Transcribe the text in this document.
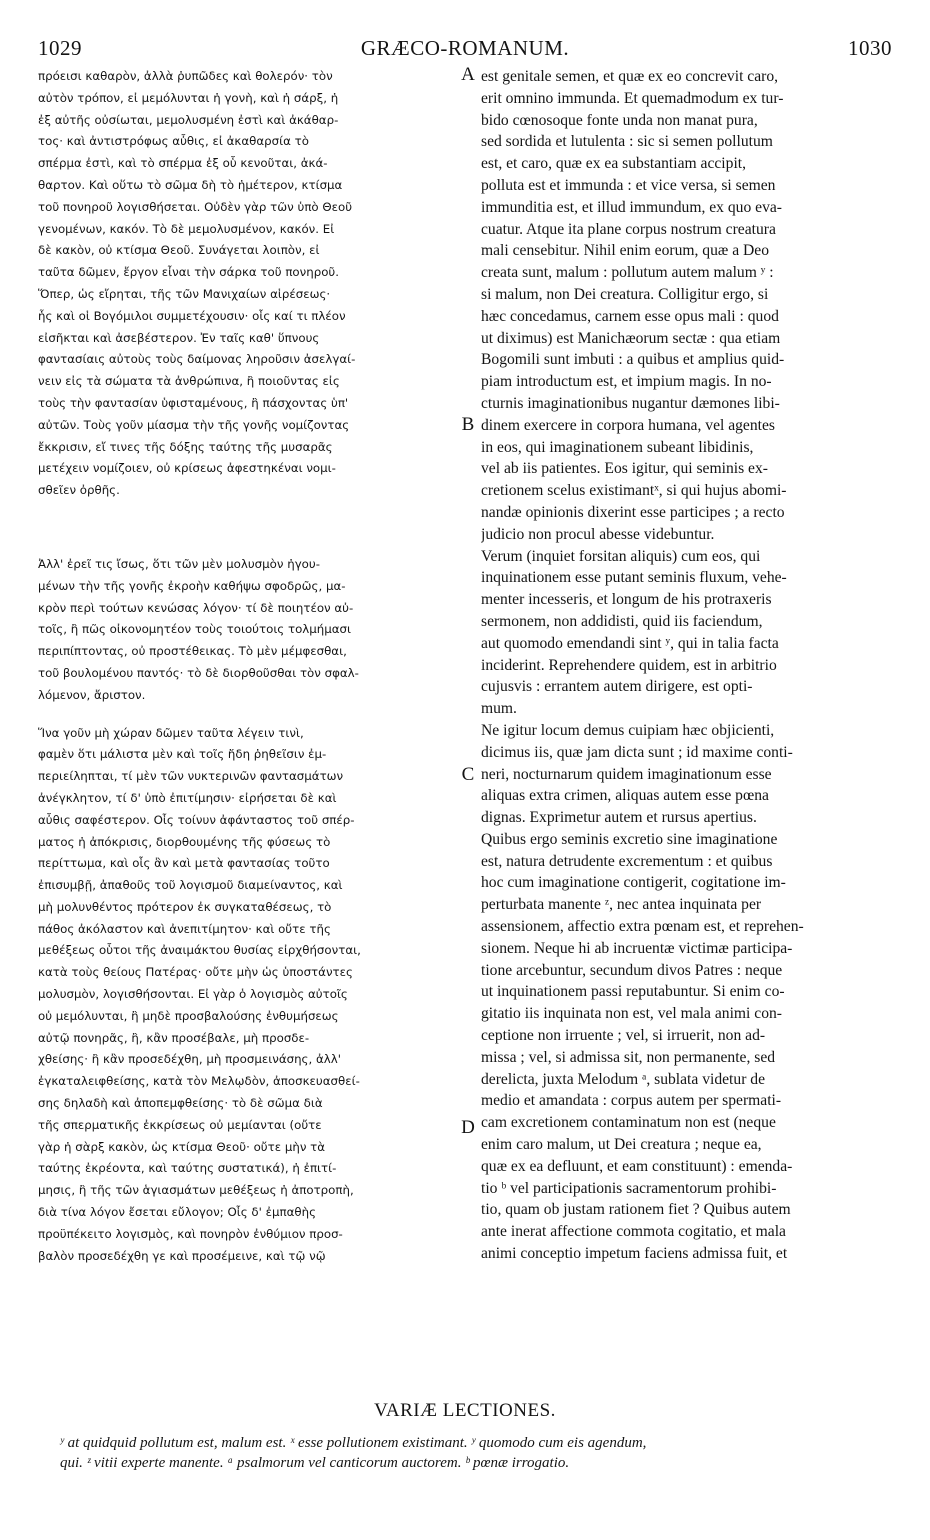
1029	GRÆCO-ROMANUM.	1030
πρόεισι καθαρὸν, ἀλλὰ ῥυπῶδες καὶ θολερόν· τὸν
αὐτὸν τρόπον, εἰ μεμόλυνται ἡ γονὴ, καὶ ἡ σάρξ, ἡ
ἐξ αὐτῆς οὐσίωται, μεμολυσμένη ἐστὶ καὶ ἀκάθαρ-
τος· καὶ ἀντιστρόφως αὖθις, εἰ ἀκαθαρσία τὸ
σπέρμα ἐστὶ, καὶ τὸ σπέρμα ἐξ οὗ κενοῦται, ἀκά-
θαρτον. Καὶ οὕτω τὸ σῶμα δὴ τὸ ἡμέτερον, κτίσμα
τοῦ πονηροῦ λογισθήσεται. Οὐδὲν γὰρ τῶν ὑπὸ Θεοῦ
γενομένων, κακόν. Τὸ δὲ μεμολυσμένον, κακόν. Εἰ
δὲ κακὸν, οὐ κτίσμα Θεοῦ. Συνάγεται λοιπὸν, εἰ
ταῦτα δῶμεν, ἔργον εἶναι τὴν σάρκα τοῦ πονηροῦ.
Ὅπερ, ὡς εἴρηται, τῆς τῶν Μανιχαίων αἱρέσεως·
ἧς καὶ οἱ Βογόμιλοι συμμετέχουσιν· οἷς καί τι πλέον
εἰσῆκται καὶ ἀσεβέστερον. Ἐν ταῖς καθ' ὕπνους
φαντασίαις αὐτοὺς τοὺς δαίμονας ληροῦσιν ἀσελγαί-
νειν εἰς τὰ σώματα τὰ ἀνθρώπινα, ἢ ποιοῦντας εἰς
τοὺς τὴν φαντασίαν ὑφισταμένους, ἢ πάσχοντας ὑπ'
αὐτῶν. Τοὺς γοῦν μίασμα τὴν τῆς γονῆς νομίζοντας
ἔκκρισιν, εἴ τινες τῆς δόξης ταύτης τῆς μυσαρᾶς
μετέχειν νομίζοιεν, οὐ κρίσεως ἀφεστηκέναι νομι-
σθεῖεν ὀρθῆς.
Ἀλλ' ἐρεῖ τις ἴσως, ὅτι τῶν μὲν μολυσμὸν ἡγου-
μένων τὴν τῆς γονῆς ἐκροὴν καθήψω σφοδρῶς, μα-
κρὸν περὶ τούτων κενώσας λόγον· τί δὲ ποιητέον αὐ-
τοῖς, ἢ πῶς οἰκονομητέον τοὺς τοιούτοις τολμήμασι
περιπίπτοντας, οὐ προστέθεικας. Τὸ μὲν μέμφεσθαι,
τοῦ βουλομένου παντός· τὸ δὲ διορθοῦσθαι τὸν σφαλ-
λόμενον, ἄριστον.
Ἵνα γοῦν μὴ χώραν δῶμεν ταῦτα λέγειν τινὶ,
φαμὲν ὅτι μάλιστα μὲν καὶ τοῖς ἤδη ῥηθεῖσιν ἐμ-
περιείληπται, τί μὲν τῶν νυκτερινῶν φαντασμάτων
ἀνέγκλητον, τί δ' ὑπὸ ἐπιτίμησιν· εἰρήσεται δὲ καὶ
αὖθις σαφέστερον. Οἷς τοίνυν ἀφάνταστος τοῦ σπέρ-
ματος ἡ ἀπόκρισις, διορθουμένης τῆς φύσεως τὸ
περίττωμα, καὶ οἷς ἂν καὶ μετὰ φαντασίας τοῦτο
ἐπισυμβῇ, ἀπαθοῦς τοῦ λογισμοῦ διαμείναντος, καὶ
μὴ μολυνθέντος πρότερον ἐκ συγκαταθέσεως, τὸ
πάθος ἀκόλαστον καὶ ἀνεπιτίμητον· καὶ οὔτε τῆς
μεθέξεως οὗτοι τῆς ἀναιμάκτου θυσίας εἰρχθήσονται,
κατὰ τοὺς θείους Πατέρας· οὔτε μὴν ὡς ὑποστάντες
μολυσμὸν, λογισθήσονται. Εἰ γὰρ ὁ λογισμὸς αὐτοῖς
οὐ μεμόλυνται, ἢ μηδὲ προσβαλούσης ἐνθυμήσεως
αὐτῷ πονηρᾶς, ἢ, κἂν προσέβαλε, μὴ προσδε-
χθείσης· ἢ κἂν προσεδέχθη, μὴ προσμεινάσης, ἀλλ'
ἐγκαταλειφθείσης, κατὰ τὸν Μελῳδὸν, ἀποσκευασθεί-
σης δηλαδὴ καὶ ἀποπεμφθείσης· τὸ δὲ σῶμα διὰ
τῆς σπερματικῆς ἐκκρίσεως οὐ μεμίανται (οὔτε
γὰρ ἡ σὰρξ κακὸν, ὡς κτίσμα Θεοῦ· οὔτε μὴν τὰ
ταύτης ἐκρέοντα, καὶ ταύτης συστατικά), ἡ ἐπιτί-
μησις, ἢ τῆς τῶν ἁγιασμάτων μεθέξεως ἡ ἀποτροπὴ,
διὰ τίνα λόγον ἔσεται εὔλογον; Οἷς δ' ἐμπαθὴς
προϋπέκειτο λογισμὸς, καὶ πονηρὸν ἐνθύμιον προσ-
βαλὸν προσεδέχθη γε καὶ προσέμεινε, καὶ τῷ νῷ
A
B
C
D
est genitale semen, et quæ ex eo concrevit caro,
erit omnino immunda. Et quemadmodum ex tur-
bido cœnosoque fonte unda non manat pura,
sed sordida et lutulenta : sic si semen pollutum
est, et caro, quæ ex ea substantiam accipit,
polluta est et immunda : et vice versa, si semen
immunditia est, et illud immundum, ex quo eva-
cuatur. Atque ita plane corpus nostrum creatura
mali censebitur. Nihil enim eorum, quæ a Deo
creata sunt, malum : pollutum autem malum ʸ :
si malum, non Dei creatura. Colligitur ergo, si
hæc concedamus, carnem esse opus mali : quod
ut diximus) est Manichæorum sectæ : qua etiam
Bogomili sunt imbuti : a quibus et amplius quid-
piam introductum est, et impium magis. In no-
cturnis imaginationibus nugantur dæmones libi-
dinem exercere in corpora humana, vel agentes
in eos, qui imaginationem subeant libidinis,
vel ab iis patientes. Eos igitur, qui seminis ex-
cretionem scelus existimantˣ, si qui hujus abomi-
nandæ opinionis dixerint esse participes ; a recto
judicio non procul abesse videbuntur.
Verum (inquiet forsitan aliquis) cum eos, qui
inquinationem esse putant seminis fluxum, vehe-
menter incesseris, et longum de his protraxeris
sermonem, non addidisti, quid iis faciendum,
aut quomodo emendandi sint ʸ, qui in talia facta
inciderint. Reprehendere quidem, est in arbitrio
cujusvis : errantem autem dirigere, est opti-
mum.
Ne igitur locum demus cuipiam hæc objicienti,
dicimus iis, quæ jam dicta sunt ; id maxime conti-
neri, nocturnarum quidem imaginationum esse
aliquas extra crimen, aliquas autem esse pœna
dignas. Exprimetur autem et rursus apertius.
Quibus ergo seminis excretio sine imaginatione
est, natura detrudente excrementum : et quibus
hoc cum imaginatione contigerit, cogitatione im-
perturbata manente ᶻ, nec antea inquinata per
assensionem, affectio extra pœnam est, et reprehen-
sionem. Neque hi ab incruentæ victimæ participa-
tione arcebuntur, secundum divos Patres : neque
ut inquinationem passi reputabuntur. Si enim co-
gitatio iis inquinata non est, vel mala animi con-
ceptione non irruente ; vel, si irruerit, non ad-
missa ; vel, si admissa sit, non permanente, sed
derelicta, juxta Melodum ᵃ, sublata videtur de
medio et amandata : corpus autem per spermati-
cam excretionem contaminatum non est (neque
enim caro malum, ut Dei creatura ; neque ea,
quæ ex ea defluunt, et eam constituunt) : emenda-
tio ᵇ vel participationis sacramentorum prohibi-
tio, quam ob justam rationem fiet ? Quibus autem
ante inerat affectione commota cogitatio, et mala
animi conceptio impetum faciens admissa fuit, et
VARIÆ LECTIONES.
ʸ at quidquid pollutum est, malum est. ˣ esse pollutionem existimant. ʸ quomodo cum eis agendum,
qui. ᶻ vitii experte manente. ᵃ psalmorum vel canticorum auctorem. ᵇ pœnæ irrogatio.
